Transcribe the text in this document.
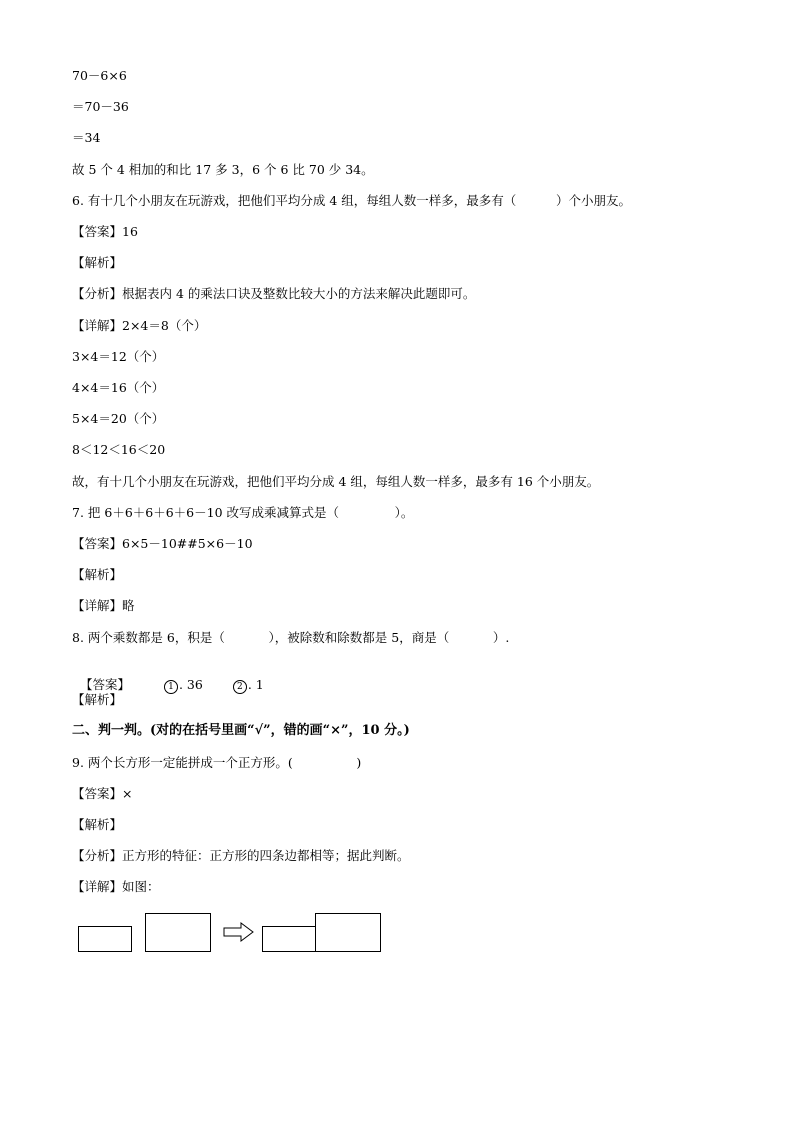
70－6×6
＝70－36
＝34
故 5 个 4 相加的和比 17 多 3，6 个 6 比 70 少 34。
6. 有十几个小朋友在玩游戏，把他们平均分成 4 组，每组人数一样多，最多有（          ）个小朋友。
【答案】16
【解析】
【分析】根据表内 4 的乘法口诀及整数比较大小的方法来解决此题即可。
【详解】2×4＝8（个）
3×4＝12（个）
4×4＝16（个）
5×4＝20（个）
8＜12＜16＜20
故，有十几个小朋友在玩游戏，把他们平均分成 4 组，每组人数一样多，最多有 16 个小朋友。
7. 把 6＋6＋6＋6＋6－10 改写成乘减算式是（              ）。
【答案】6×5－10##5×6－10
【解析】
【详解】略
8. 两个乘数都是 6，积是（           ），被除数和除数都是 5，商是（           ）.

【答案】	1 . 36	2 . 1

【解析】
二、判一判。(对的在括号里画“√”，错的画“×”，10 分。)
9. 两个长方形一定能拼成一个正方形。(                )
【答案】×
【解析】
【分析】正方形的特征：正方形的四条边都相等；据此判断。
【详解】如图：
